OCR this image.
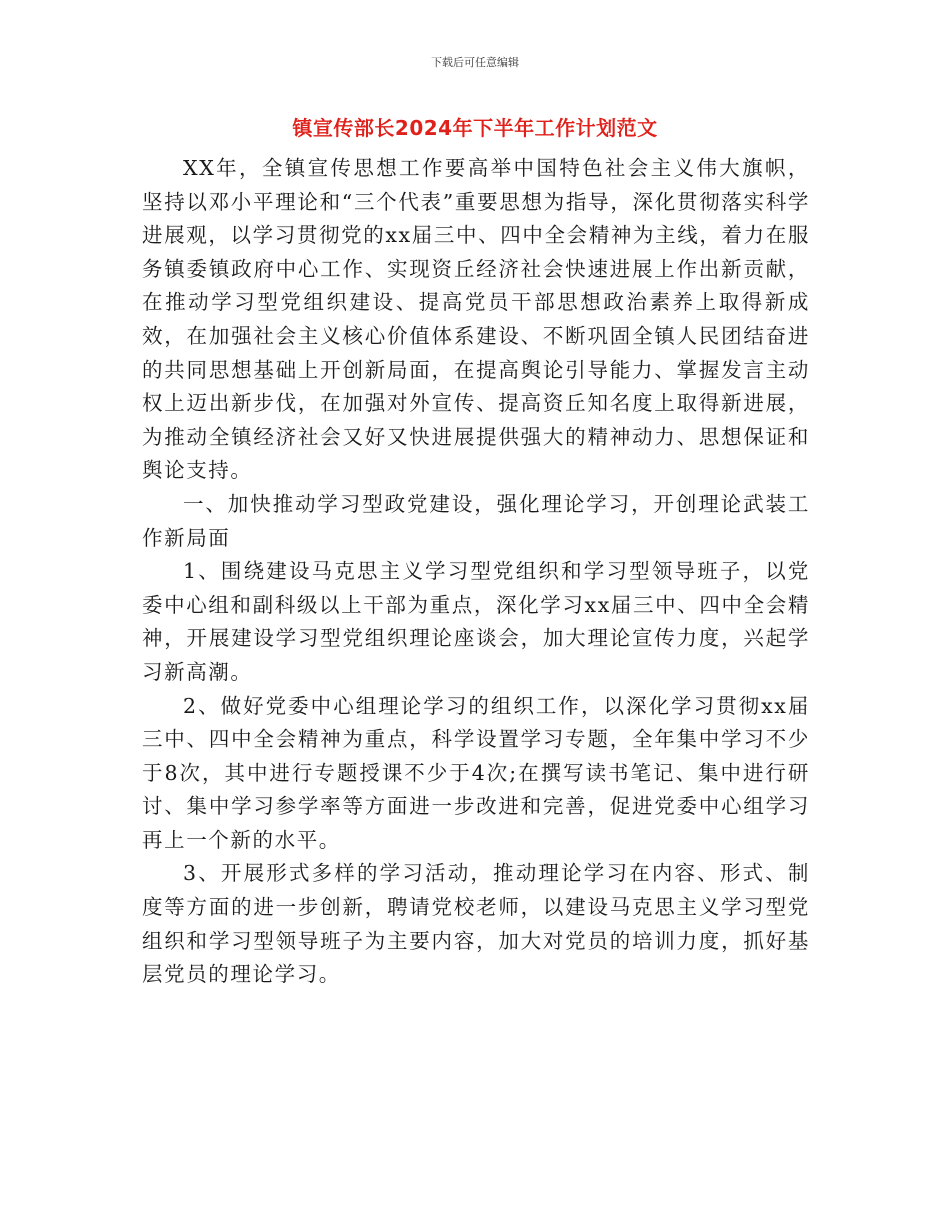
下载后可任意编辑
镇宣传部长2024年下半年工作计划范文

XX年，全镇宣传思想工作要高举中国特色社会主义伟大旗帜，坚持以邓小平理论和“三个代表”重要思想为指导，深化贯彻落实科学进展观，以学习贯彻党的xx届三中、四中全会精神为主线，着力在服务镇委镇政府中心工作、实现资丘经济社会快速进展上作出新贡献，在推动学习型党组织建设、提高党员干部思想政治素养上取得新成效，在加强社会主义核心价值体系建设、不断巩固全镇人民团结奋进的共同思想基础上开创新局面，在提高舆论引导能力、掌握发言主动权上迈出新步伐，在加强对外宣传、提高资丘知名度上取得新进展，为推动全镇经济社会又好又快进展提供强大的精神动力、思想保证和舆论支持。

一、加快推动学习型政党建设，强化理论学习，开创理论武装工作新局面

1、围绕建设马克思主义学习型党组织和学习型领导班子，以党委中心组和副科级以上干部为重点，深化学习xx届三中、四中全会精神，开展建设学习型党组织理论座谈会，加大理论宣传力度，兴起学习新高潮。

2、做好党委中心组理论学习的组织工作，以深化学习贯彻xx届三中、四中全会精神为重点，科学设置学习专题，全年集中学习不少于8次，其中进行专题授课不少于4次;在撰写读书笔记、集中进行研讨、集中学习参学率等方面进一步改进和完善，促进党委中心组学习再上一个新的水平。

3、开展形式多样的学习活动，推动理论学习在内容、形式、制度等方面的进一步创新，聘请党校老师，以建设马克思主义学习型党组织和学习型领导班子为主要内容，加大对党员的培训力度，抓好基层党员的理论学习。
